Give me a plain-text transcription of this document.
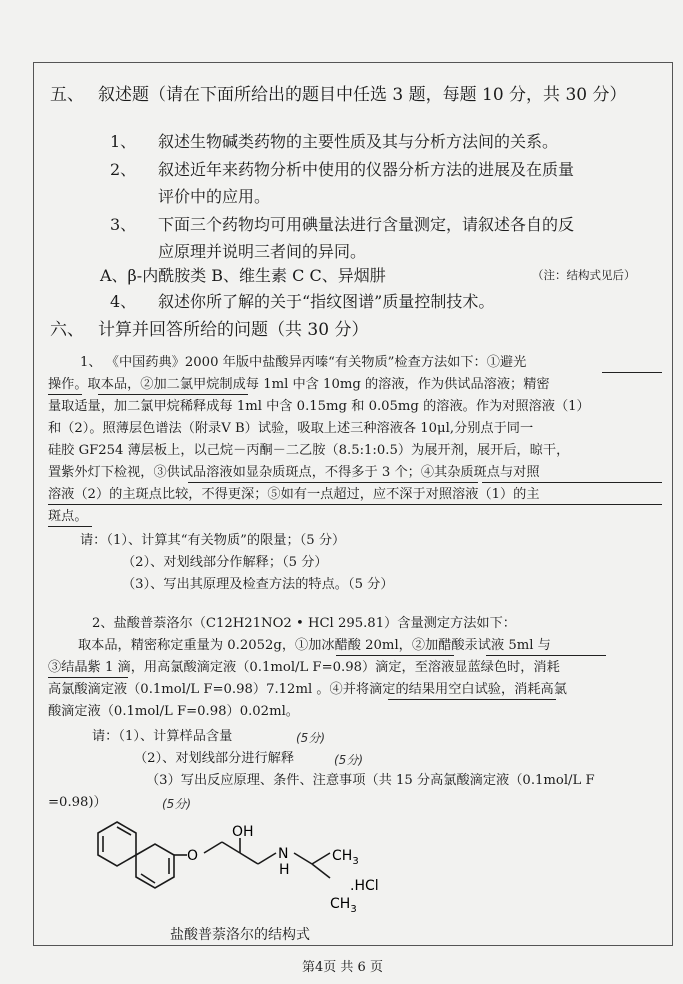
五、 叙述题（请在下面所给出的题目中任选 3 题，每题 10 分，共 30 分）
1、 叙述生物碱类药物的主要性质及其与分析方法间的关系。
2、 叙述近年来药物分析中使用的仪器分析方法的进展及在质量
评价中的应用。
3、 下面三个药物均可用碘量法进行含量测定，请叙述各自的反
应原理并说明三者间的异同。
A、β-内酰胺类 B、维生素 C C、异烟肼	（注：结构式见后）
4、 叙述你所了解的关于“指纹图谱”质量控制技术。
六、 计算并回答所给的问题（共 30 分）
1、 《中国药典》2000 年版中盐酸异丙嗪“有关物质”检查方法如下：①避光
操作。取本品，②加二氯甲烷制成每 1ml 中含 10mg 的溶液，作为供试品溶液；精密
量取适量，加二氯甲烷稀释成每 1ml 中含 0.15mg 和 0.05mg 的溶液。作为对照溶液（1）
和（2）。照薄层色谱法（附录Ⅴ B）试验，吸取上述三种溶液各 10μl,分别点于同一
硅胶 GF254 薄层板上，以己烷－丙酮－二乙胺（8.5:1:0.5）为展开剂，展开后，晾干，
置紫外灯下检视，③供试品溶液如显杂质斑点，不得多于 3 个；④其杂质斑点与对照
溶液（2）的主斑点比较，不得更深；⑤如有一点超过，应不深于对照溶液（1）的主
斑点。
请：（1）、计算其“有关物质”的限量；（5 分）
（2）、对划线部分作解释；（5 分）
（3）、写出其原理及检查方法的特点。（5 分）
2、盐酸普萘洛尔（C12H21NO2 • HCl 295.81）含量测定方法如下：
取本品，精密称定重量为 0.2052g，①加冰醋酸 20ml，②加醋酸汞试液 5ml 与
③结晶紫 1 滴，用高氯酸滴定液（0.1mol/L F=0.98）滴定，至溶液显蓝绿色时，消耗
高氯酸滴定液（0.1mol/L F=0.98）7.12ml 。④并将滴定的结果用空白试验，消耗高氯
酸滴定液（0.1mol/L F=0.98）0.02ml。
请：（1）、计算样品含量	(5分)
（2）、对划线部分进行解释	(5分)
（3）写出反应原理、条件、注意事项（共 15 分高氯酸滴定液（0.1mol/L F
=0.98)）	(5分)
O
OH
N
H
$CH_3$
$CH_3$
.HCl
盐酸普萘洛尔的结构式
第4页 共 6 页
